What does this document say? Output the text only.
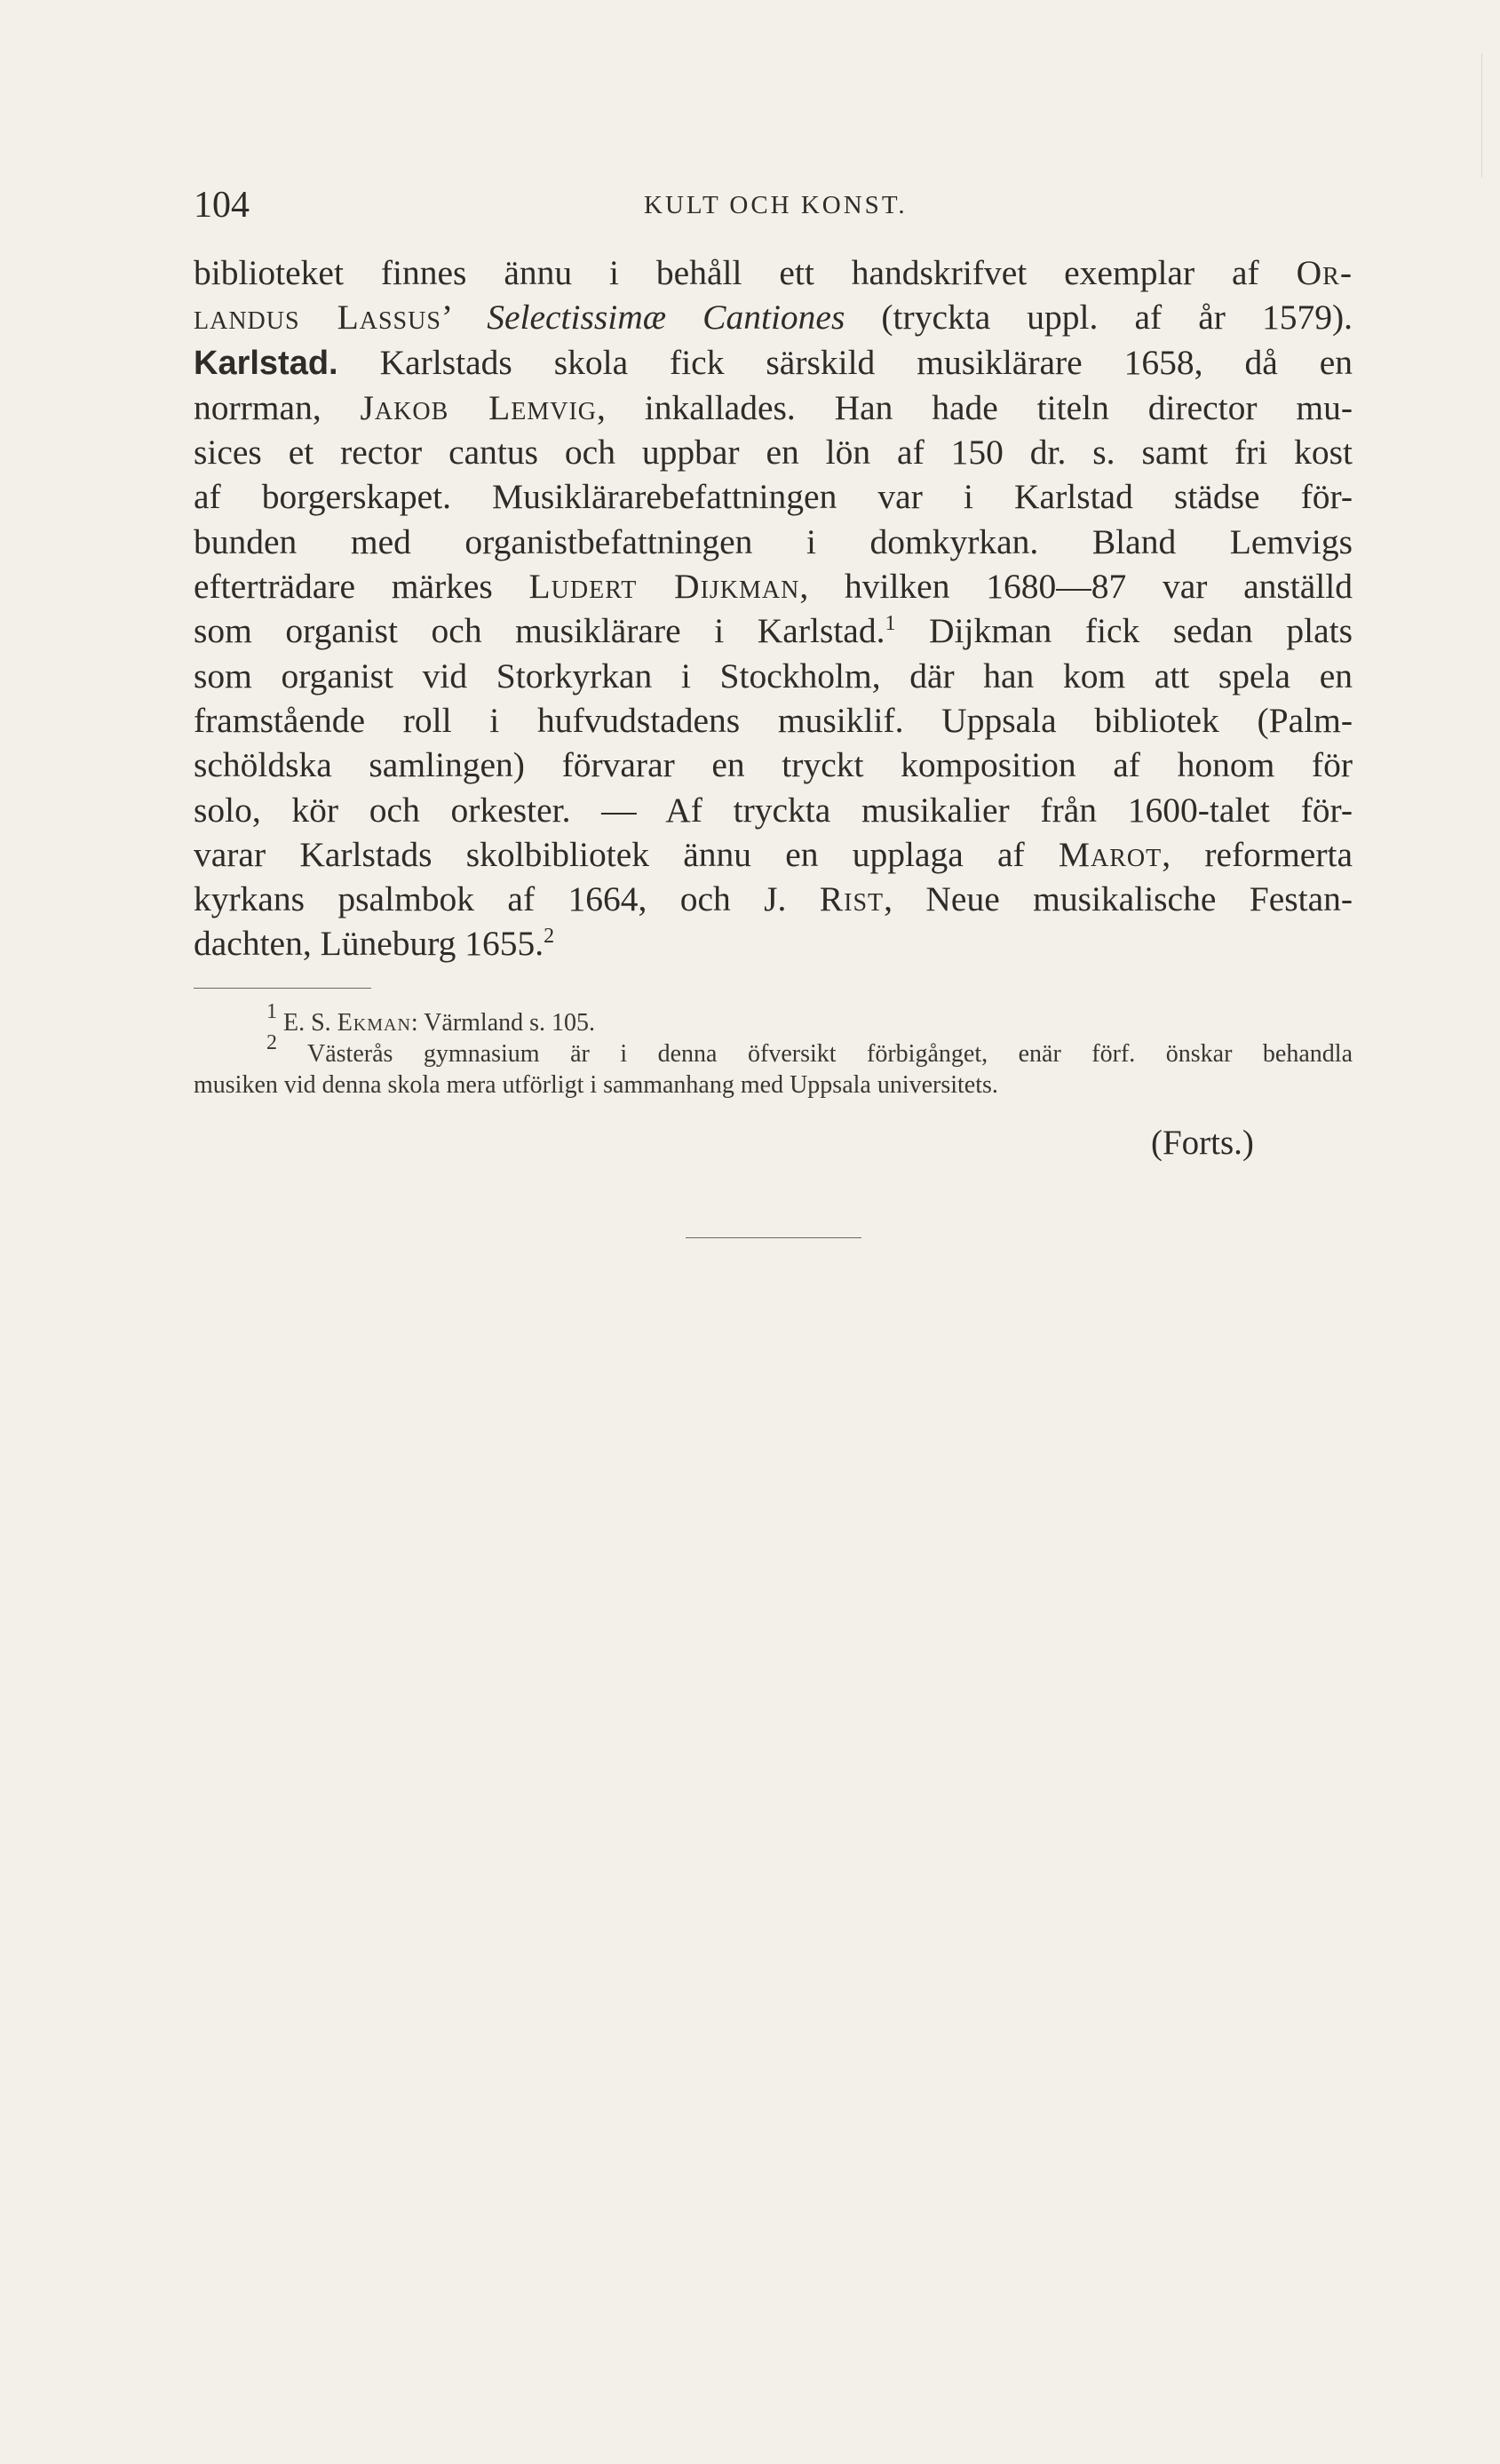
104	KULT OCH KONST.
biblioteket finnes ännu i behåll ett handskrifvet exemplar af Or-
landus Lassus’ Selectissimæ Cantiones (tryckta uppl. af år 1579).
Karlstad. Karlstads skola fick särskild musiklärare 1658, då en
norrman, Jakob Lemvig, inkallades. Han hade titeln director mu-
sices et rector cantus och uppbar en lön af 150 dr. s. samt fri kost
af borgerskapet. Musiklärarebefattningen var i Karlstad städse för-
bunden med organistbefattningen i domkyrkan. Bland Lemvigs
efterträdare märkes Ludert Dijkman, hvilken 1680—87 var anställd
som organist och musiklärare i Karlstad.$^1$ Dijkman fick sedan plats
som organist vid Storkyrkan i Stockholm, där han kom att spela en
framstående roll i hufvudstadens musiklif. Uppsala bibliotek (Palm-
schöldska samlingen) förvarar en tryckt komposition af honom för
solo, kör och orkester. — Af tryckta musikalier från 1600-talet för-
varar Karlstads skolbibliotek ännu en upplaga af Marot, reformerta
kyrkans psalmbok af 1664, och J. Rist, Neue musikalische Festan-
dachten, Lüneburg 1655.$^2$
$^1$ E. S. Ekman: Värmland s. 105.
$^2$ Västerås gymnasium är i denna öfversikt förbigånget, enär förf. önskar behandla
musiken vid denna skola mera utförligt i sammanhang med Uppsala universitets.
(Forts.)
